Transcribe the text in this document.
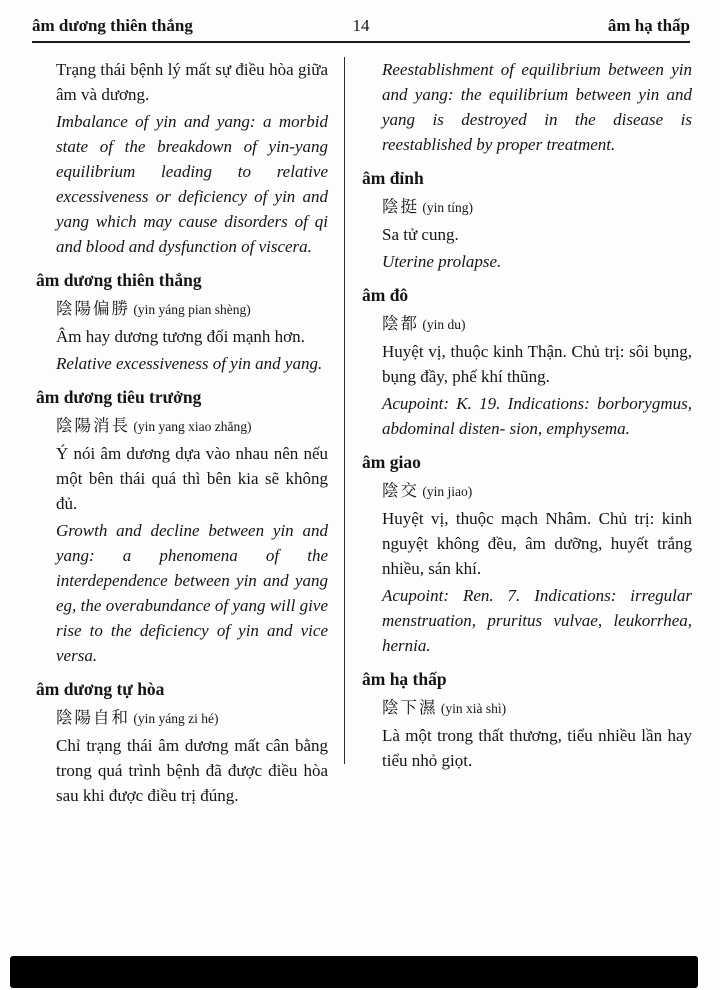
âm dương thiên thắng	14	âm hạ thấp
Trạng thái bệnh lý mất sự điều hòa giữa âm và dương.
Imbalance of yin and yang: a morbid state of the breakdown of yin-yang equilibrium leading to relative excessiveness or deficiency of yin and yang which may cause disorders of qi and blood and dysfunction of viscera.
âm dương thiên thắng
陰陽偏勝 (yin yáng pian shèng)
Âm hay dương tương đối mạnh hơn.
Relative excessiveness of yin and yang.
âm dương tiêu trưởng
陰陽消長 (yin yang xiao zhăng)
Ý nói âm dương dựa vào nhau nên nếu một bên thái quá thì bên kia sẽ không đủ.
Growth and decline between yin and yang: a phenomena of the interdependence between yin and yang eg, the overabundance of yang will give rise to the deficiency of yin and vice versa.
âm dương tự hòa
陰陽自和 (yin yáng zi hé)
Chỉ trạng thái âm dương mất cân bằng trong quá trình bệnh đã được điều hòa sau khi được điều trị đúng.
Reestablishment of equilibrium between yin and yang: the equilibrium between yin and yang is destroyed in the disease is reestablished by proper treatment.
âm đỉnh
陰挺 (yin tíng)
Sa tử cung.
Uterine prolapse.
âm đô
陰都 (yin du)
Huyệt vị, thuộc kinh Thận. Chủ trị: sôi bụng, bụng đầy, phế khí thũng.
Acupoint: K. 19. Indications: borborygmus, abdominal disten- sion, emphysema.
âm giao
陰交 (yin jiao)
Huyệt vị, thuộc mạch Nhâm. Chủ trị: kinh nguyệt không đều, âm dưỡng, huyết trắng nhiều, sán khí.
Acupoint: Ren. 7. Indications: irregular menstruation, pruritus vulvae, leukorrhea, hernia.
âm hạ thấp
陰下濕 (yin xià shì)
Là một trong thất thương, tiểu nhiều lần hay tiểu nhỏ giọt.
